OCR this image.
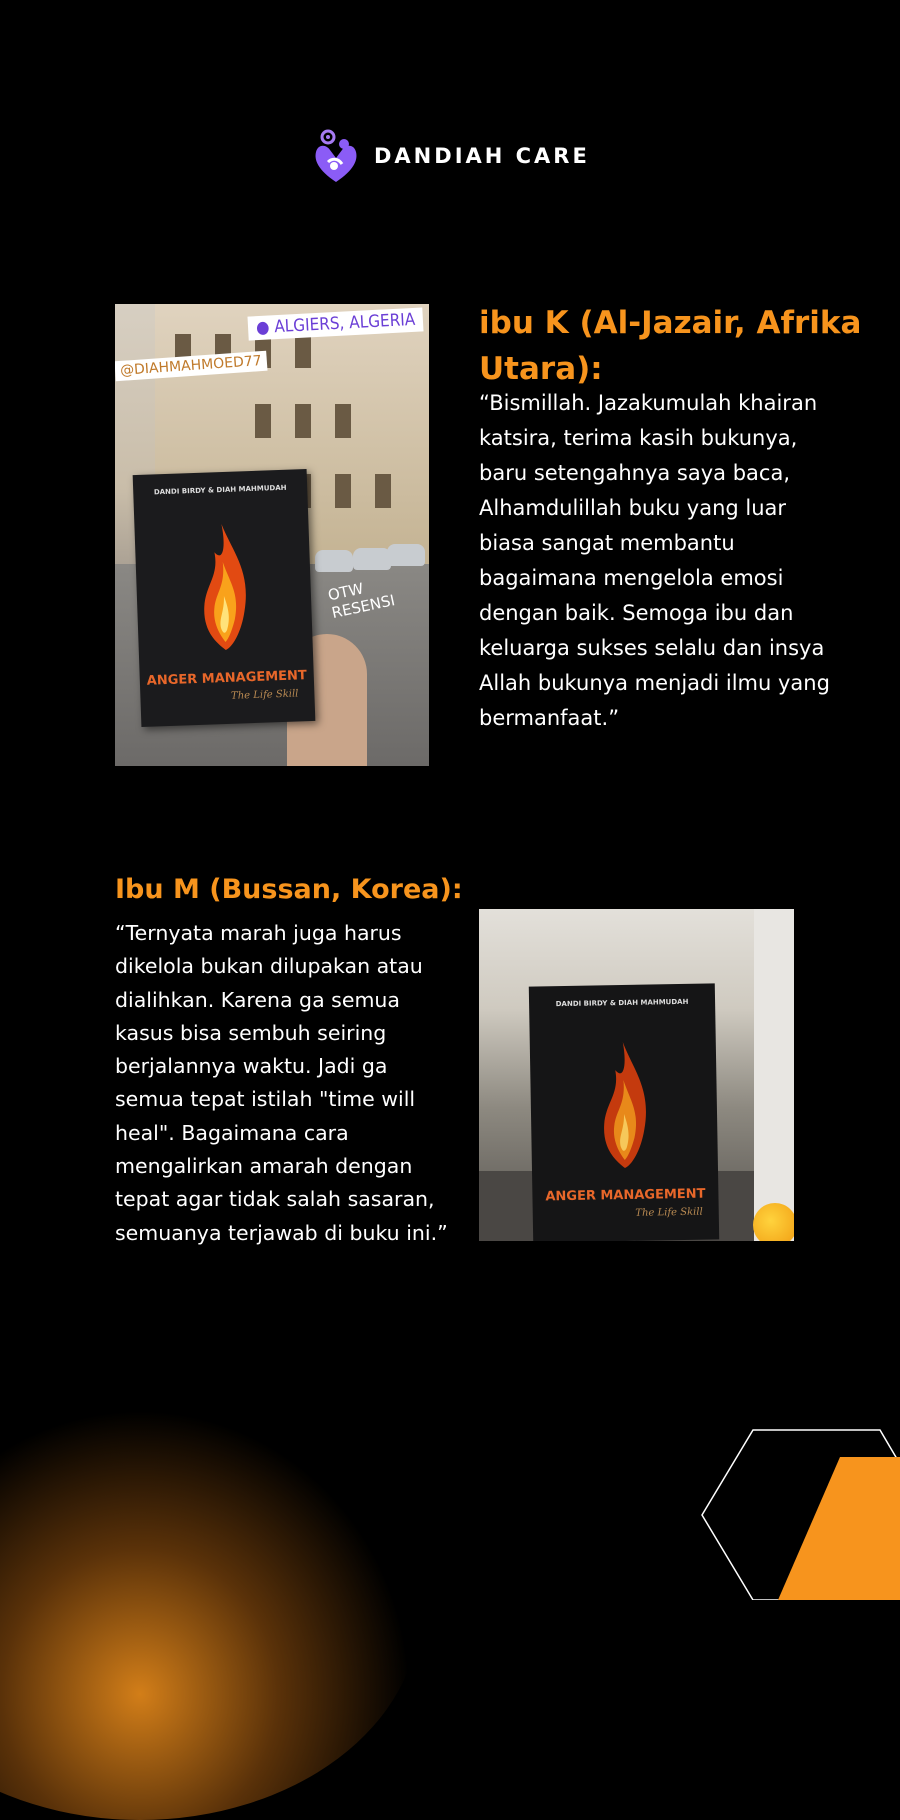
DANDIAH CARE
● ALGIERS, ALGERIA
@DIAHMAHMOED77
DANDI BIRDY & DIAH MAHMUDAH
ANGER MANAGEMENT
The Life Skill
OTW RESENSI
ibu K (Al-Jazair, Afrika Utara):
“Bismillah. Jazakumulah khairan katsira, terima kasih bukunya, baru setengahnya saya baca, Alhamdulillah buku yang luar biasa sangat membantu bagaimana mengelola emosi dengan baik. Semoga ibu dan keluarga sukses selalu dan insya Allah bukunya menjadi ilmu yang bermanfaat.”
Ibu M (Bussan, Korea):
“Ternyata marah juga harus dikelola bukan dilupakan atau dialihkan. Karena ga semua kasus bisa sembuh seiring berjalannya waktu. Jadi ga semua tepat istilah "time will heal". Bagaimana cara mengalirkan amarah dengan tepat agar tidak salah sasaran, semuanya terjawab di buku ini.”
DANDI BIRDY & DIAH MAHMUDAH
ANGER MANAGEMENT
The Life Skill
